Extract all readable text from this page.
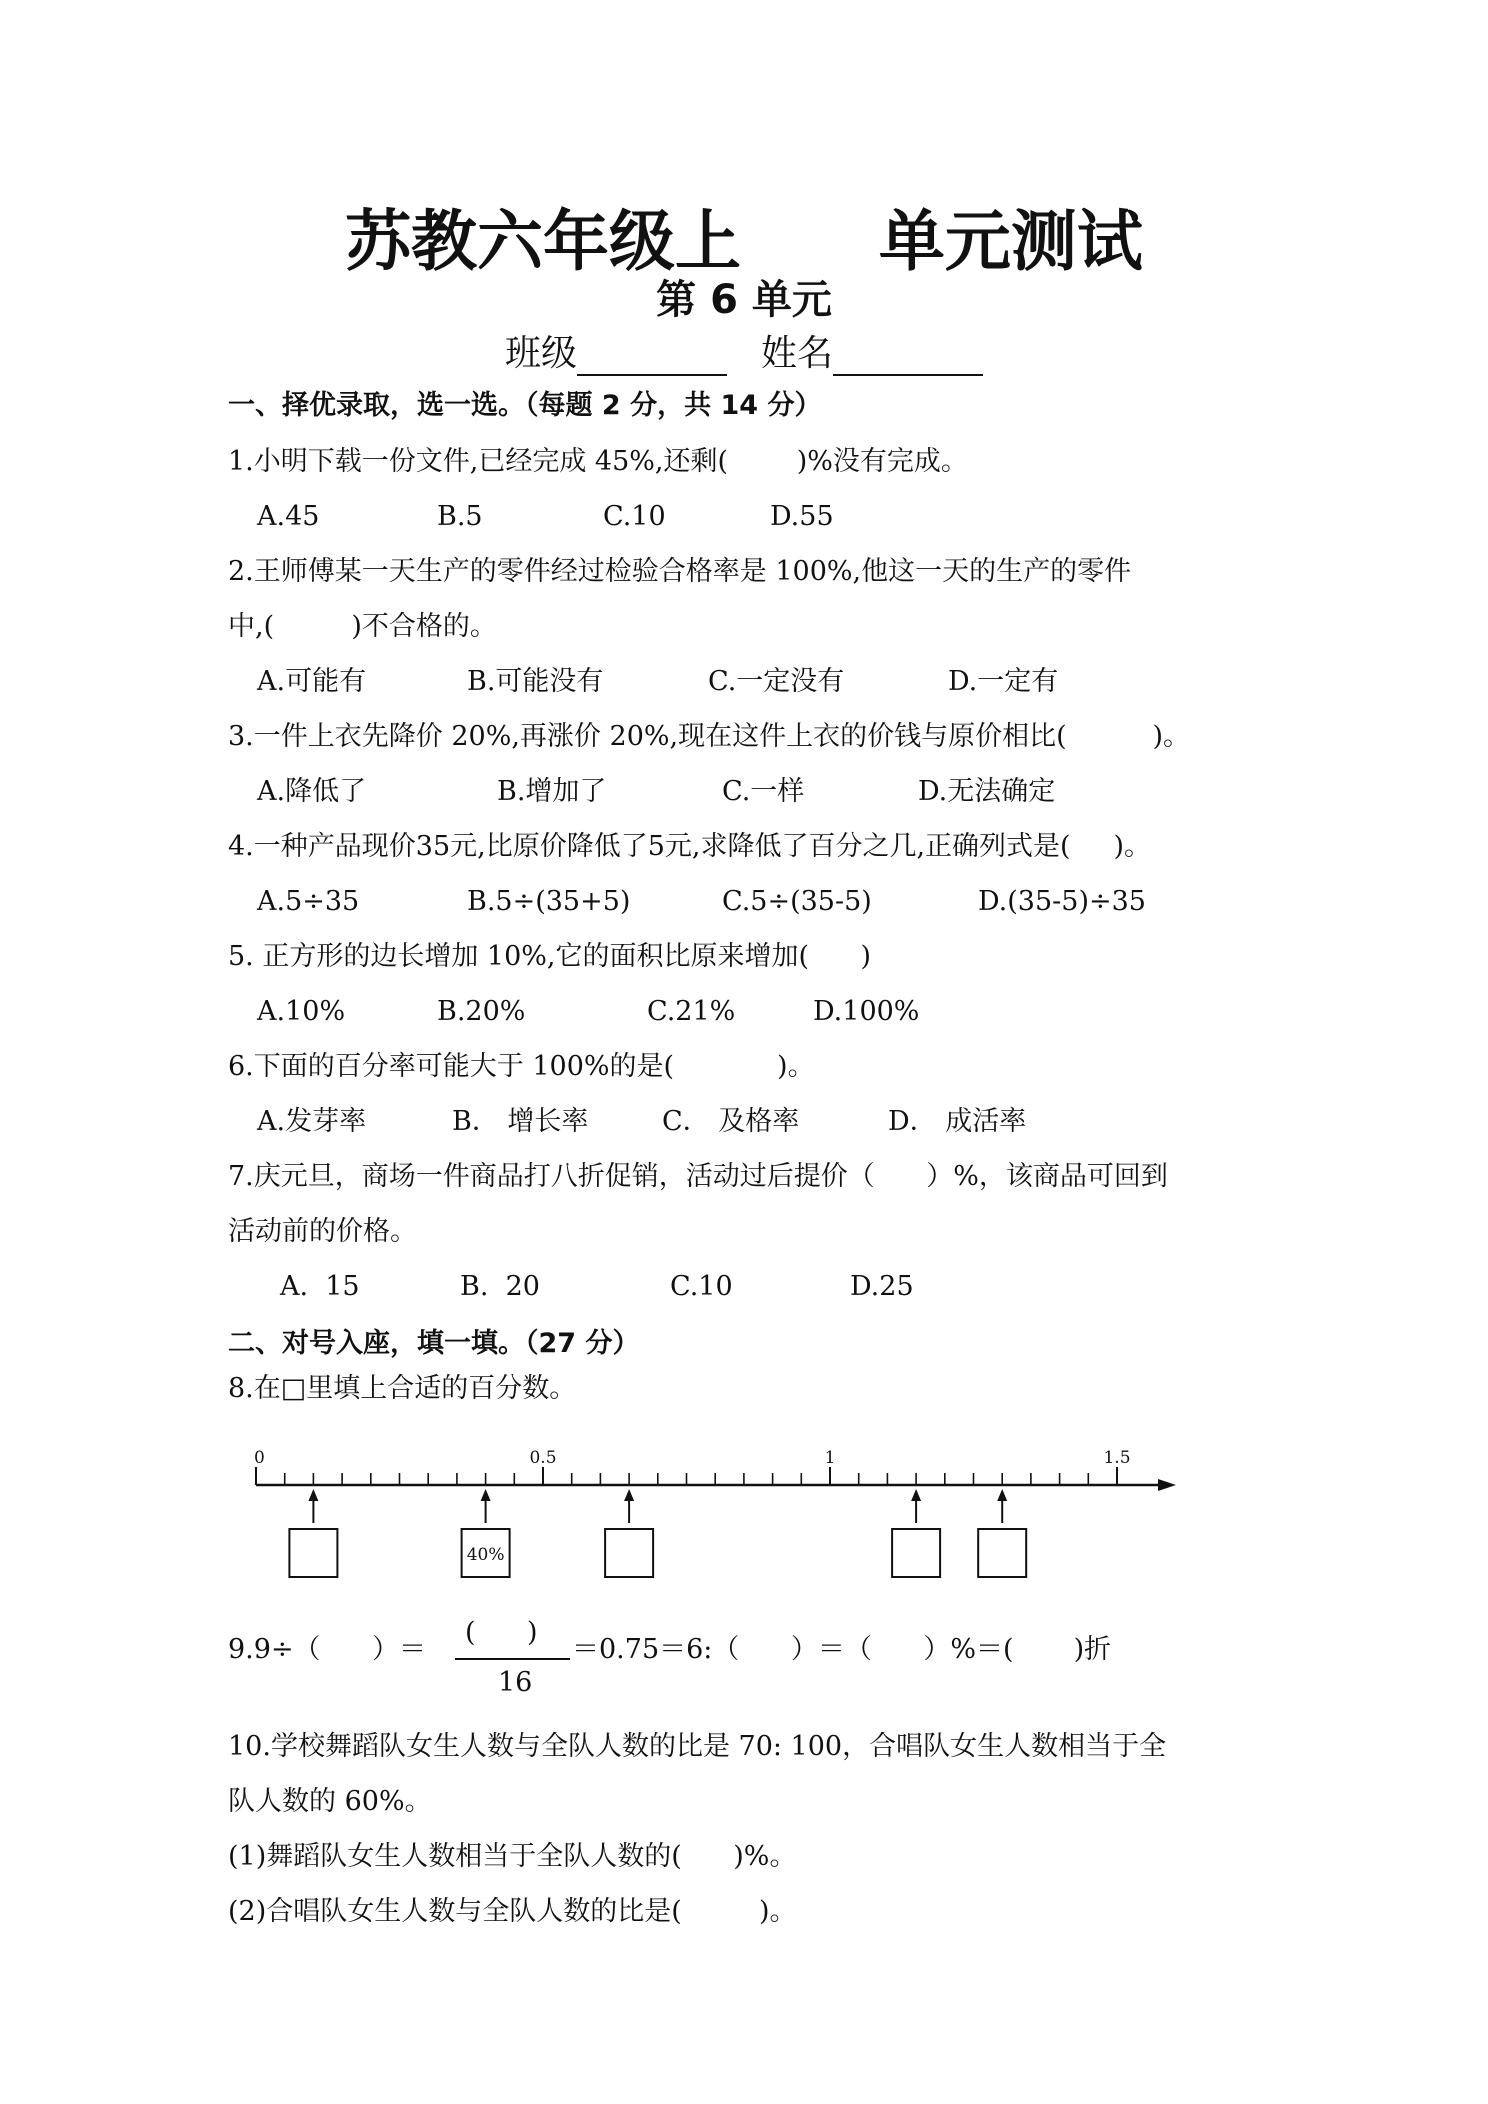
苏教六年级上      单元测试
第 6 单元
班级	姓名
一、择优录取，选一选。（每题 2 分，共 14 分）
1.小明下载一份文件,已经完成 45%,还剩(        )%没有完成。
A.45	B.5	C.10	D.55
2.王师傅某一天生产的零件经过检验合格率是 100%,他这一天的生产的零件
中,(         )不合格的。
A.可能有	B.可能没有	C.一定没有	D.一定有
3.一件上衣先降价 20%,再涨价 20%,现在这件上衣的价钱与原价相比(          )。
A.降低了	B.增加了	C.一样	D.无法确定
4.一种产品现价35元,比原价降低了5元,求降低了百分之几,正确列式是(     )。
A.5÷35	B.5÷(35+5)	C.5÷(35-5)	D.(35-5)÷35
5. 正方形的边长增加 10%,它的面积比原来增加(      )
A.10%	B.20%	C.21%	D.100%
6.下面的百分率可能大于 100%的是(            )。
A.发芽率	B． 增长率	C． 及格率	D． 成活率
7.庆元旦，商场一件商品打八折促销，活动过后提价（      ）%，该商品可回到
活动前的价格。
A.  15	B.  20	C.10	D.25
二、对号入座，填一填。（27 分）
8.在□里填上合适的百分数。
0	0.5	1	1.5
40%
9.9÷（      ）＝
(      )
16
＝0.75＝6:（      ）＝（      ）%＝(       )折
10.学校舞蹈队女生人数与全队人数的比是 70: 100，合唱队女生人数相当于全
队人数的 60%。
(1)舞蹈队女生人数相当于全队人数的(      )%。
(2)合唱队女生人数与全队人数的比是(         )。
